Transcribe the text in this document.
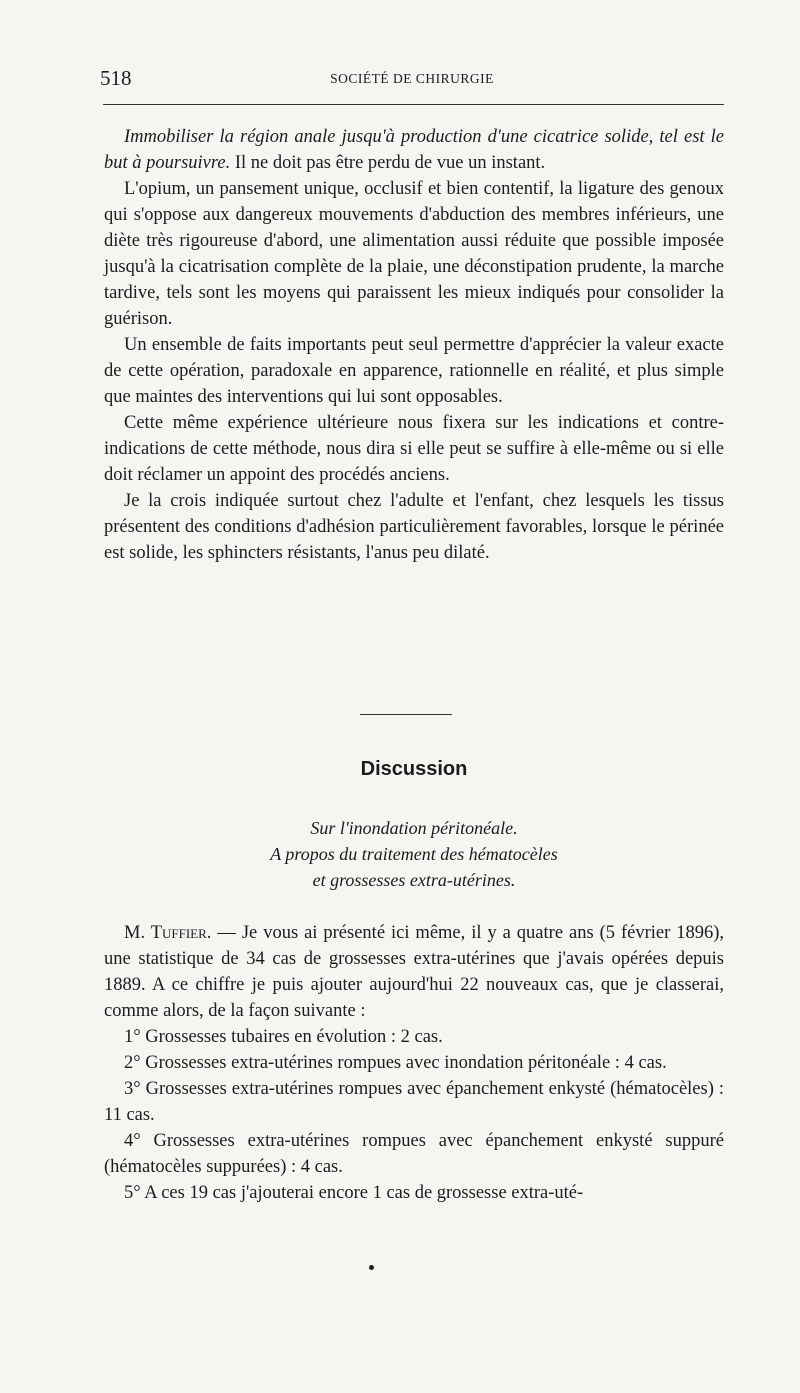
518	SOCIÉTÉ DE CHIRURGIE

Immobiliser la région anale jusqu'à production d'une cicatrice solide, tel est le but à poursuivre. Il ne doit pas être perdu de vue un instant.

L'opium, un pansement unique, occlusif et bien contentif, la ligature des genoux qui s'oppose aux dangereux mouvements d'abduction des membres inférieurs, une diète très rigoureuse d'abord, une alimentation aussi réduite que possible imposée jusqu'à la cicatrisation complète de la plaie, une déconstipation prudente, la marche tardive, tels sont les moyens qui paraissent les mieux indiqués pour consolider la guérison.

Un ensemble de faits importants peut seul permettre d'apprécier la valeur exacte de cette opération, paradoxale en apparence, rationnelle en réalité, et plus simple que maintes des interventions qui lui sont opposables.

Cette même expérience ultérieure nous fixera sur les indications et contre-indications de cette méthode, nous dira si elle peut se suffire à elle-même ou si elle doit réclamer un appoint des procédés anciens.

Je la crois indiquée surtout chez l'adulte et l'enfant, chez lesquels les tissus présentent des conditions d'adhésion particulièrement favorables, lorsque le périnée est solide, les sphincters résistants, l'anus peu dilaté.

Discussion
Sur l'inondation péritonéale.
A propos du traitement des hématocèles
et grossesses extra-utérines.

M. Tuffier. — Je vous ai présenté ici même, il y a quatre ans (5 février 1896), une statistique de 34 cas de grossesses extra-utérines que j'avais opérées depuis 1889. A ce chiffre je puis ajouter aujourd'hui 22 nouveaux cas, que je classerai, comme alors, de la façon suivante :

1° Grossesses tubaires en évolution : 2 cas.

2° Grossesses extra-utérines rompues avec inondation péritonéale : 4 cas.

3° Grossesses extra-utérines rompues avec épanchement enkysté (hématocèles) : 11 cas.

4° Grossesses extra-utérines rompues avec épanchement enkysté suppuré (hématocèles suppurées) : 4 cas.

5° A ces 19 cas j'ajouterai encore 1 cas de grossesse extra-uté-
